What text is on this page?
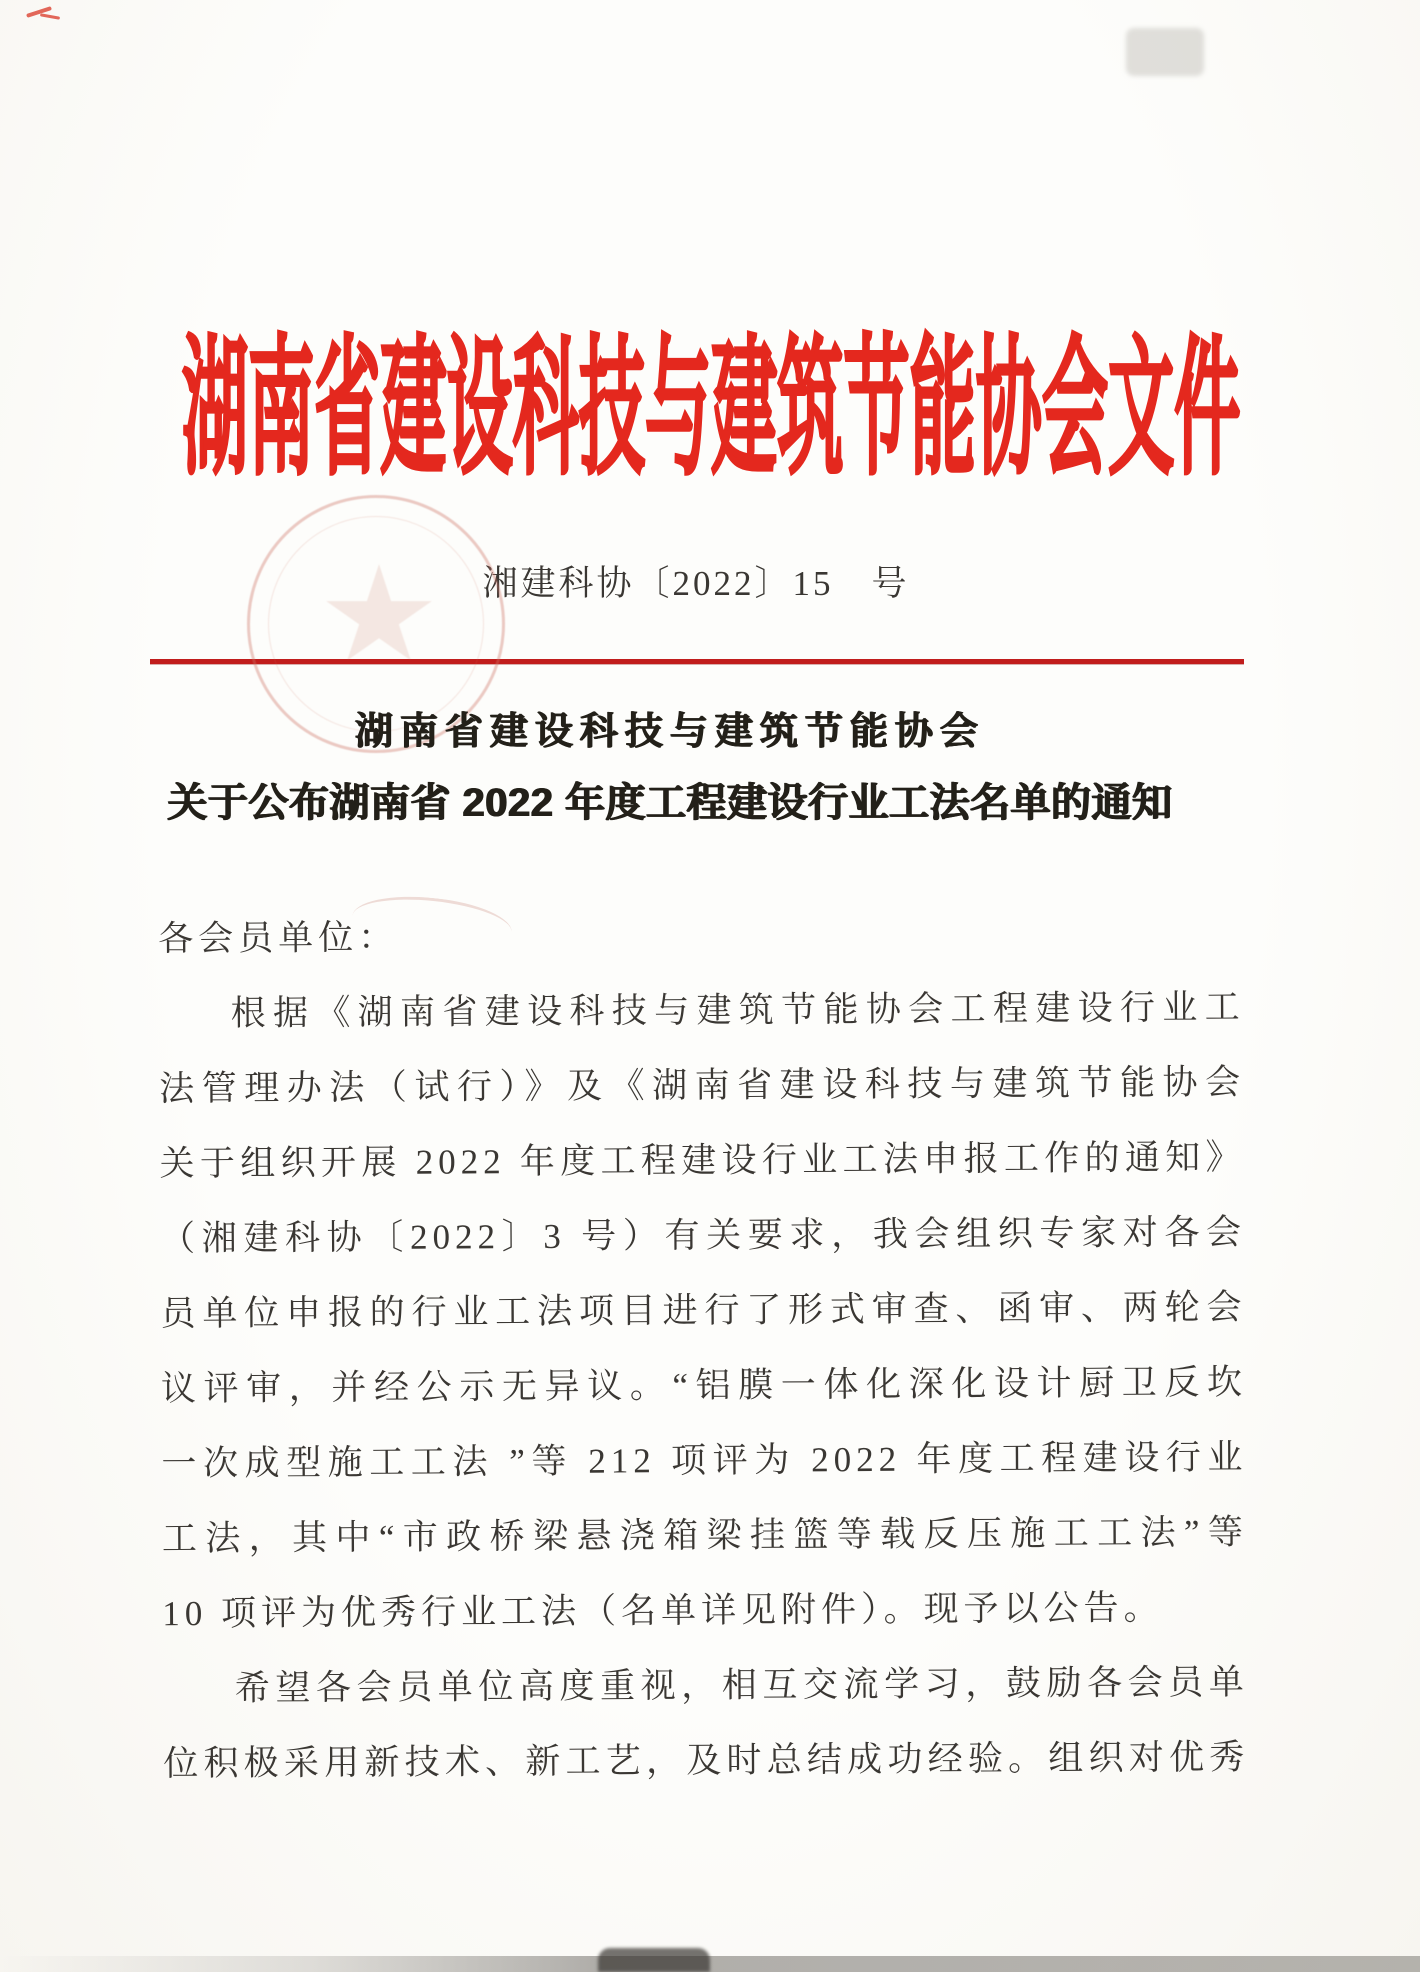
湖南省建设科技与建筑节能协会文件
湘建科协〔2022〕15　号
湖南省建设科技与建筑节能协会
关于公布湖南省 2022 年度工程建设行业工法名单的通知
各会员单位：
根据《湖南省建设科技与建筑节能协会工程建设行业工
法管理办法（试行）》及《湖南省建设科技与建筑节能协会
关于组织开展 2022 年度工程建设行业工法申报工作的通知》
（湘建科协〔2022〕3 号）有关要求，我会组织专家对各会
员单位申报的行业工法项目进行了形式审查、函审、两轮会
议评审，并经公示无异议。“铝膜一体化深化设计厨卫反坎
一次成型施工工法 ”等 212 项评为 2022 年度工程建设行业
工法，其中“市政桥梁悬浇箱梁挂篮等载反压施工工法”等
10 项评为优秀行业工法（名单详见附件）。现予以公告。
希望各会员单位高度重视，相互交流学习，鼓励各会员单
位积极采用新技术、新工艺，及时总结成功经验。组织对优秀
